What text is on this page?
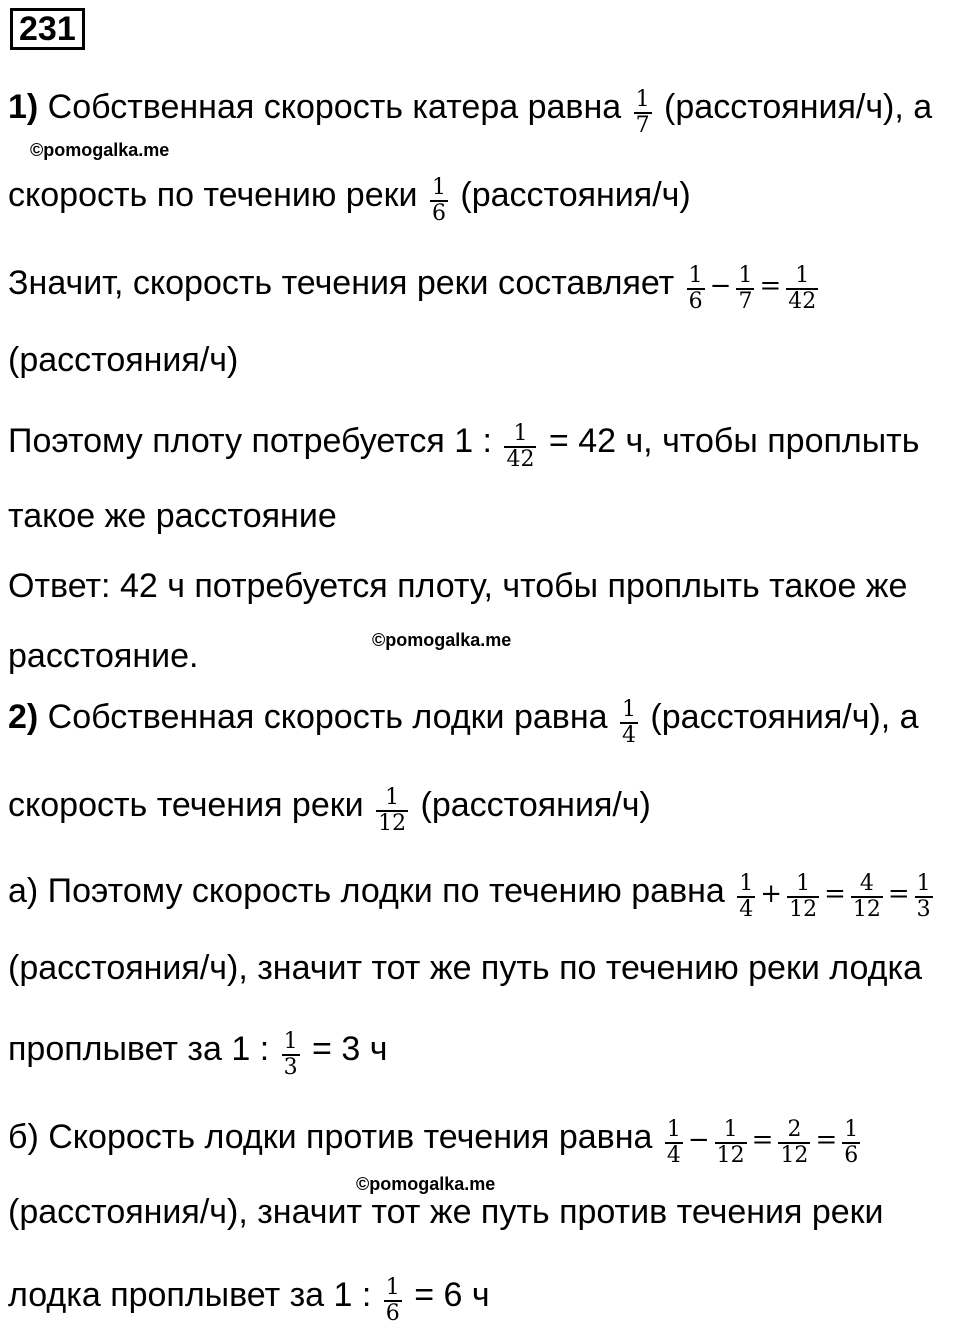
231
1) Собственная скорость катера равна $\frac{1}{7}$ (расстояния/ч), а
©pomogalka.me
скорость по течению реки $\frac{1}{6}$ (расстояния/ч)
Значит, скорость течения реки составляет $\frac{1}{6} - \frac{1}{7} = \frac{1}{42}$
(расстояния/ч)
Поэтому плоту потребуется 1 : $\frac{1}{42} = 42$ ч, чтобы проплыть
такое же расстояние
Ответ: 42 ч потребуется плоту, чтобы проплыть такое же
©pomogalka.me
расстояние.
2) Собственная скорость лодки равна $\frac{1}{4}$ (расстояния/ч), а
скорость течения реки $\frac{1}{12}$ (расстояния/ч)
а) Поэтому скорость лодки по течению равна $\frac{1}{4} + \frac{1}{12} = \frac{4}{12} = \frac{1}{3}$
(расстояния/ч), значит тот же путь по течению реки лодка
проплывет за 1 : $\frac{1}{3} = 3$ ч
б) Скорость лодки против течения равна $\frac{1}{4} - \frac{1}{12} = \frac{2}{12} = \frac{1}{6}$
©pomogalka.me
(расстояния/ч), значит тот же путь против течения реки
лодка проплывет за 1 : $\frac{1}{6} = 6$ ч
